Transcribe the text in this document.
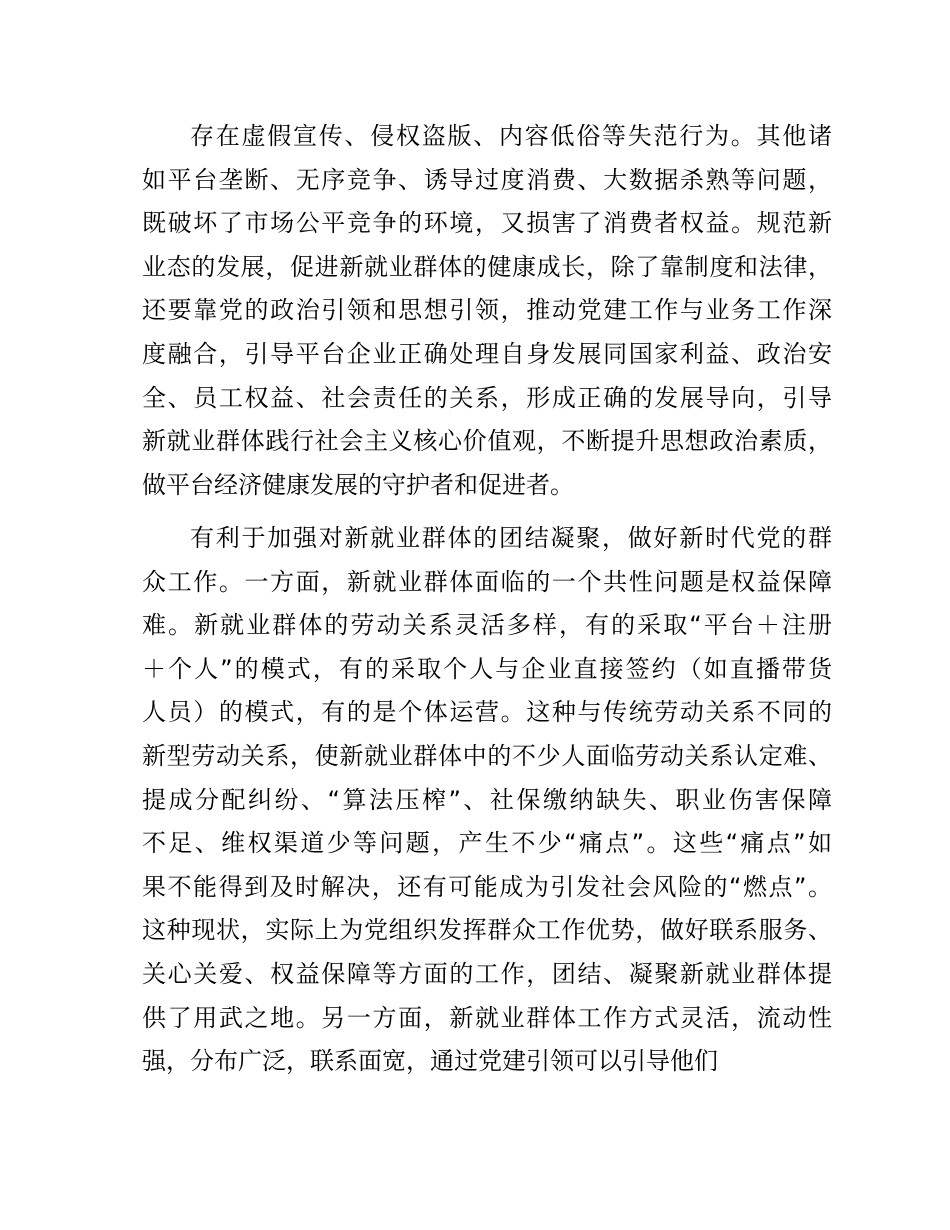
存在虚假宣传、侵权盗版、内容低俗等失范行为。其他诸
如平台垄断、无序竞争、诱导过度消费、大数据杀熟等问题，
既破坏了市场公平竞争的环境，又损害了消费者权益。规范新
业态的发展，促进新就业群体的健康成长，除了靠制度和法律，
还要靠党的政治引领和思想引领，推动党建工作与业务工作深
度融合，引导平台企业正确处理自身发展同国家利益、政治安
全、员工权益、社会责任的关系，形成正确的发展导向，引导
新就业群体践行社会主义核心价值观，不断提升思想政治素质，
做平台经济健康发展的守护者和促进者。
有利于加强对新就业群体的团结凝聚，做好新时代党的群
众工作。一方面，新就业群体面临的一个共性问题是权益保障
难。新就业群体的劳动关系灵活多样，有的采取“平台＋注册
＋个人”的模式，有的采取个人与企业直接签约（如直播带货
人员）的模式，有的是个体运营。这种与传统劳动关系不同的
新型劳动关系，使新就业群体中的不少人面临劳动关系认定难、
提成分配纠纷、“算法压榨”、社保缴纳缺失、职业伤害保障
不足、维权渠道少等问题，产生不少“痛点”。这些“痛点”如
果不能得到及时解决，还有可能成为引发社会风险的“燃点”。
这种现状，实际上为党组织发挥群众工作优势，做好联系服务、
关心关爱、权益保障等方面的工作，团结、凝聚新就业群体提
供了用武之地。另一方面，新就业群体工作方式灵活，流动性
强，分布广泛，联系面宽，通过党建引领可以引导他们
